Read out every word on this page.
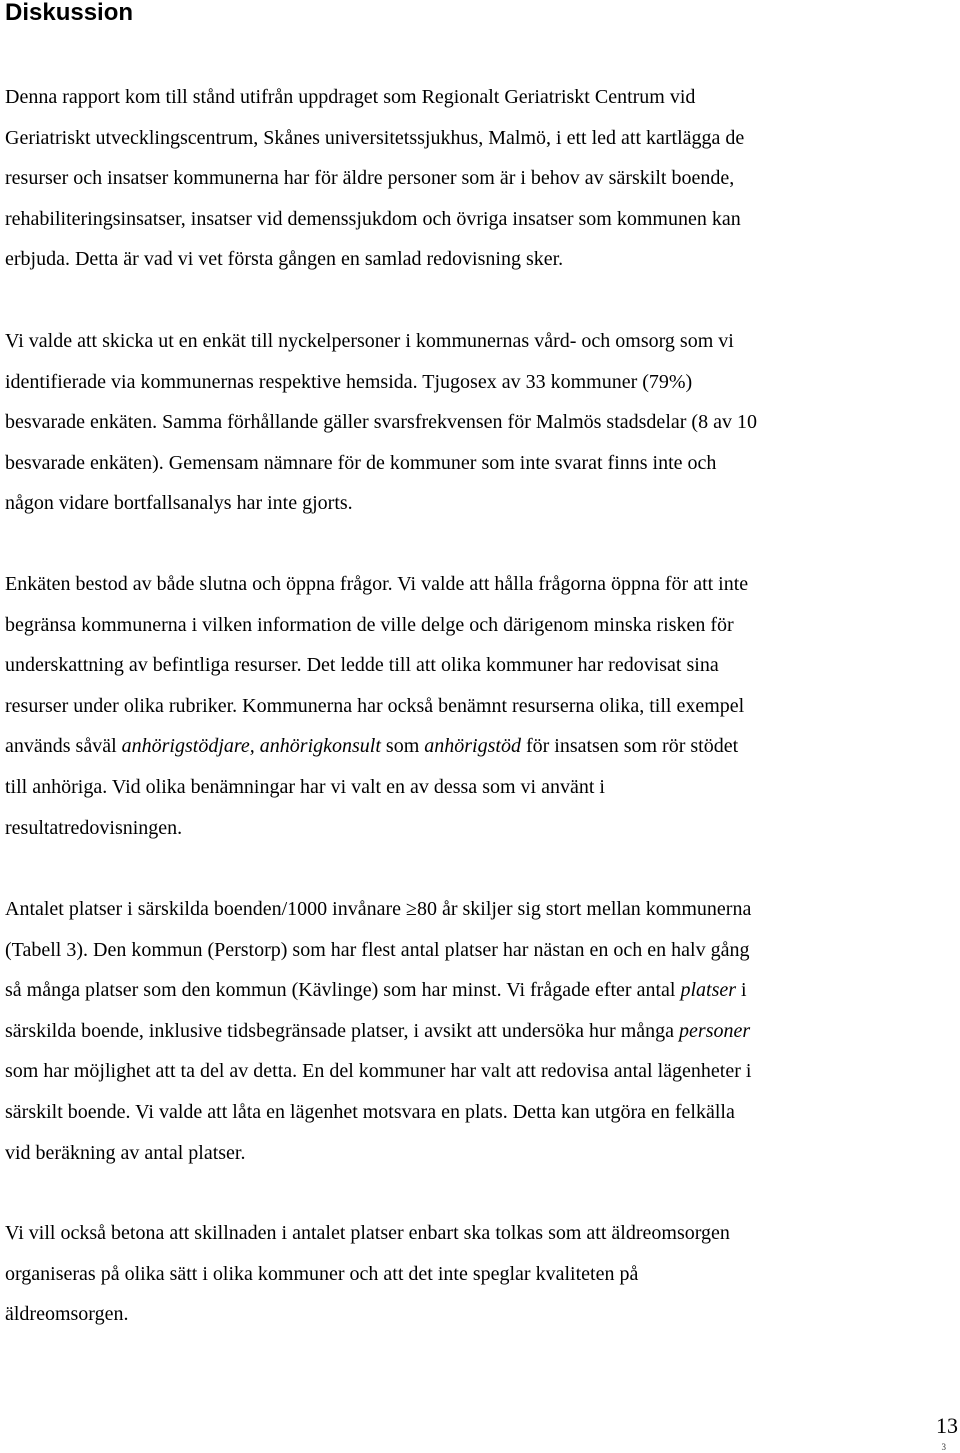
Diskussion
Denna rapport kom till stånd utifrån uppdraget som Regionalt Geriatriskt Centrum vid
Geriatriskt utvecklingscentrum, Skånes universitetssjukhus, Malmö, i ett led att kartlägga de
resurser och insatser kommunerna har för äldre personer som är i behov av särskilt boende,
rehabiliteringsinsatser, insatser vid demenssjukdom och övriga insatser som kommunen kan
erbjuda. Detta är vad vi vet första gången en samlad redovisning sker.
Vi valde att skicka ut en enkät till nyckelpersoner i kommunernas vård- och omsorg som vi
identifierade via kommunernas respektive hemsida. Tjugosex av 33 kommuner (79%)
besvarade enkäten. Samma förhållande gäller svarsfrekvensen för Malmös stadsdelar (8 av 10
besvarade enkäten). Gemensam nämnare för de kommuner som inte svarat finns inte och
någon vidare bortfallsanalys har inte gjorts.
Enkäten bestod av både slutna och öppna frågor. Vi valde att hålla frågorna öppna för att inte
begränsa kommunerna i vilken information de ville delge och därigenom minska risken för
underskattning av befintliga resurser. Det ledde till att olika kommuner har redovisat sina
resurser under olika rubriker. Kommunerna har också benämnt resurserna olika, till exempel
används såväl anhörigstödjare, anhörigkonsult som anhörigstöd för insatsen som rör stödet
till anhöriga. Vid olika benämningar har vi valt en av dessa som vi använt i
resultatredovisningen.
Antalet platser i särskilda boenden/1000 invånare ≥80 år skiljer sig stort mellan kommunerna
(Tabell 3). Den kommun (Perstorp) som har flest antal platser har nästan en och en halv gång
så många platser som den kommun (Kävlinge) som har minst. Vi frågade efter antal platser i
särskilda boende, inklusive tidsbegränsade platser, i avsikt att undersöka hur många personer
som har möjlighet att ta del av detta. En del kommuner har valt att redovisa antal lägenheter i
särskilt boende. Vi valde att låta en lägenhet motsvara en plats. Detta kan utgöra en felkälla
vid beräkning av antal platser.
Vi vill också betona att skillnaden i antalet platser enbart ska tolkas som att äldreomsorgen
organiseras på olika sätt i olika kommuner och att det inte speglar kvaliteten på
äldreomsorgen.
13
3
